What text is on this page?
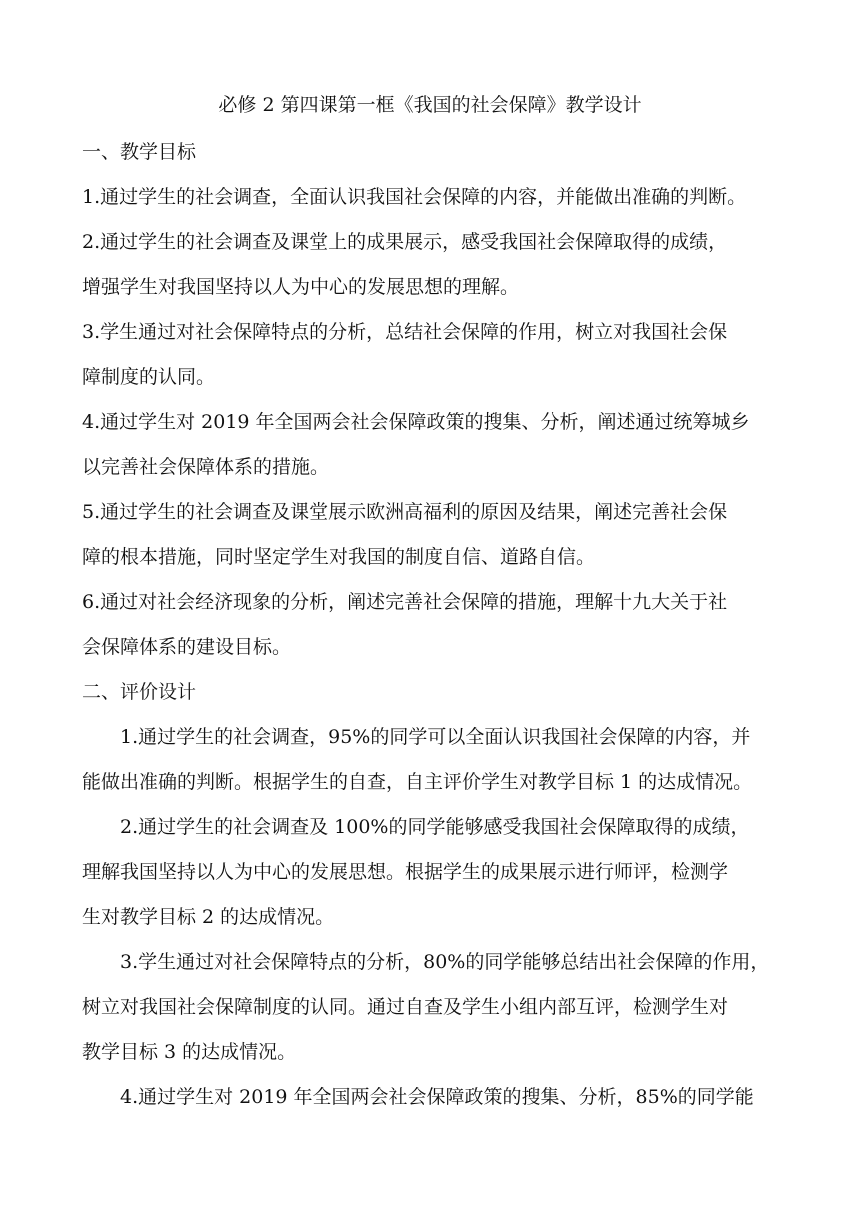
必修 2 第四课第一框《我国的社会保障》教学设计
一、教学目标
1.通过学生的社会调查，全面认识我国社会保障的内容，并能做出准确的判断。
2.通过学生的社会调查及课堂上的成果展示，感受我国社会保障取得的成绩，
增强学生对我国坚持以人为中心的发展思想的理解。
3.学生通过对社会保障特点的分析，总结社会保障的作用，树立对我国社会保
障制度的认同。
4.通过学生对 2019 年全国两会社会保障政策的搜集、分析，阐述通过统筹城乡
以完善社会保障体系的措施。
5.通过学生的社会调查及课堂展示欧洲高福利的原因及结果，阐述完善社会保
障的根本措施，同时坚定学生对我国的制度自信、道路自信。
6.通过对社会经济现象的分析，阐述完善社会保障的措施，理解十九大关于社
会保障体系的建设目标。
二、评价设计
1.通过学生的社会调查，95%的同学可以全面认识我国社会保障的内容，并
能做出准确的判断。根据学生的自查，自主评价学生对教学目标 1 的达成情况。
2.通过学生的社会调查及 100%的同学能够感受我国社会保障取得的成绩，
理解我国坚持以人为中心的发展思想。根据学生的成果展示进行师评，检测学
生对教学目标 2 的达成情况。
3.学生通过对社会保障特点的分析，80%的同学能够总结出社会保障的作用，
树立对我国社会保障制度的认同。通过自查及学生小组内部互评，检测学生对
教学目标 3 的达成情况。
4.通过学生对 2019 年全国两会社会保障政策的搜集、分析，85%的同学能
